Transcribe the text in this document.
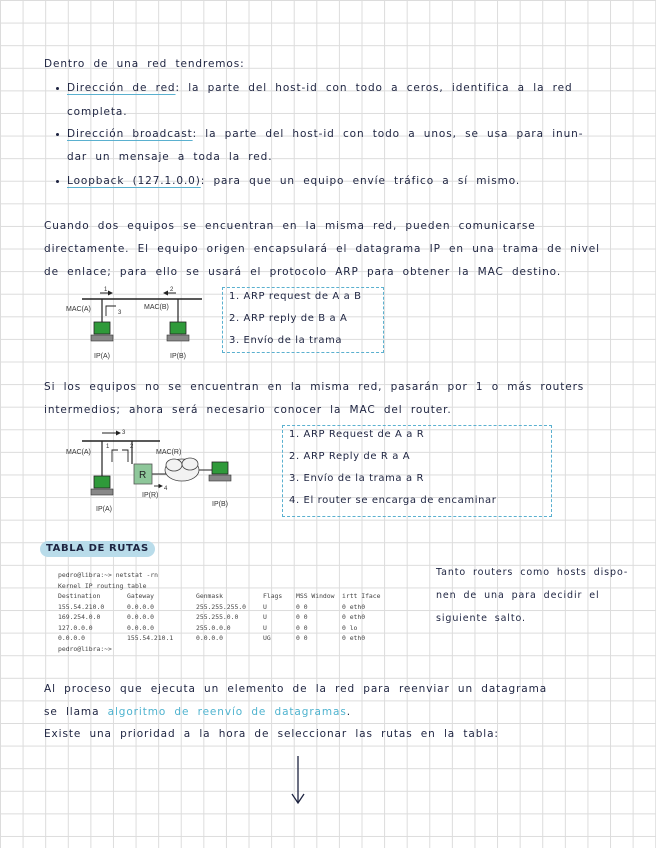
Dentro de una red tendremos:
Dirección de red: la parte del host-id con todo a ceros, identifica a la red
completa.
Dirección broadcast: la parte del host-id con todo a unos, se usa para inun-
dar un mensaje a toda la red.
Loopback (127.1.0.0): para que un equipo envíe tráfico a sí mismo.
Cuando dos equipos se encuentran en la misma red, pueden comunicarse
directamente. El equipo origen encapsulará el datagrama IP en una trama de nivel
de enlace; para ello se usará el protocolo ARP para obtener la MAC destino.
MAC(A)	MAC(B)
IP(A)	IP(B)
1	2
3
1. ARP request de A a B
2. ARP reply de B a A
3. Envío de la trama
Si los equipos no se encuentran en la misma red, pasarán por 1 o más routers
intermedios; ahora será necesario conocer la MAC del router.
MAC(A)	MAC(R)
R
IP(A)
IP(R)
IP(B)
3
1	2
4
1. ARP Request de A a R
2. ARP Reply de R a A
3. Envío de la trama a R
4. El router se encarga de encaminar
TABLA DE RUTAS
pedro@libra:~> netstat -rn
Kernel IP routing table
Destination	Gateway	Genmask	Flags MSS Window irtt Iface
155.54.210.0	0.0.0.0	255.255.255.0	U	0 0	0 eth0
169.254.0.0	0.0.0.0	255.255.0.0	U	0 0	0 eth0
127.0.0.0	0.0.0.0	255.0.0.0	U	0 0	0 lo
0.0.0.0	155.54.210.1	0.0.0.0	UG	0 0	0 eth0
pedro@libra:~>
Tanto routers como hosts dispo-
nen de una para decidir el
siguiente salto.
Al proceso que ejecuta un elemento de la red para reenviar un datagrama
se llama algoritmo de reenvío de datagramas.
Existe una prioridad a la hora de seleccionar las rutas en la tabla:
